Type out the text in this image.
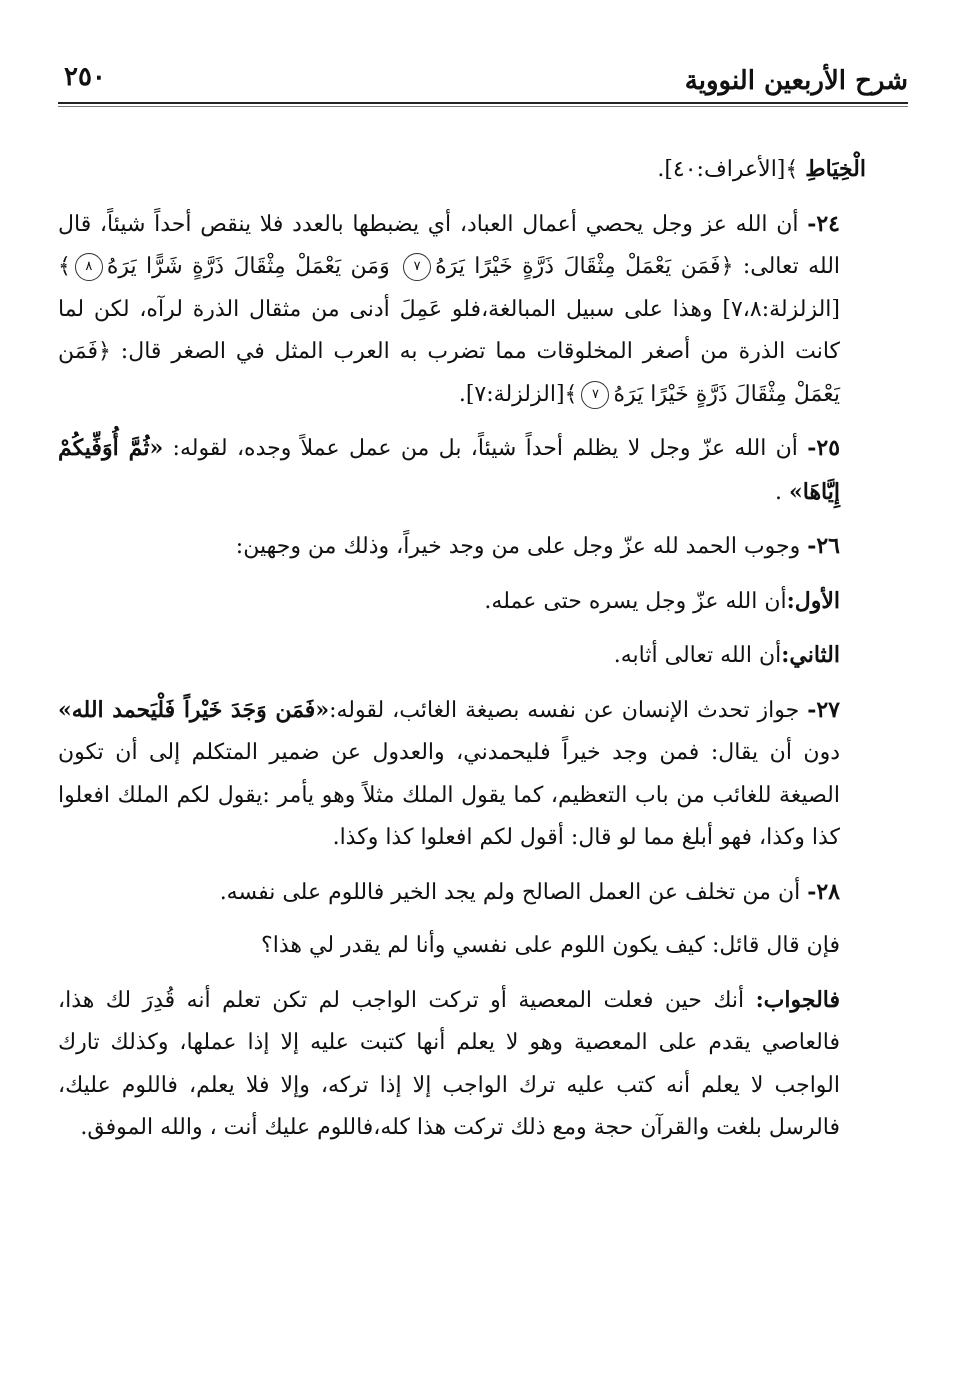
٢٥٠	شرح الأربعين النووية

الْخِيَاطِ ﴾[الأعراف:٤٠].

٢٤- أن الله عز وجل يحصي أعمال العباد، أي يضبطها بالعدد فلا ينقص أحداً شيئاً، قال الله تعالى: ﴿فَمَن يَعْمَلْ مِثْقَالَ ذَرَّةٍ خَيْرًا يَرَهُ٧ وَمَن يَعْمَلْ مِثْقَالَ ذَرَّةٍ شَرًّا يَرَهُ٨﴾[الزلزلة:٧،٨] وهذا على سبيل المبالغة،فلو عَمِلَ أدنى من مثقال الذرة لرآه، لكن لما كانت الذرة من أصغر المخلوقات مما تضرب به العرب المثل في الصغر قال: ﴿فَمَن يَعْمَلْ مِثْقَالَ ذَرَّةٍ خَيْرًا يَرَهُ٧﴾[الزلزلة:٧].

٢٥- أن الله عزّ وجل لا يظلم أحداً شيئاً، بل من عمل عملاً وجده، لقوله: «ثُمَّ أُوَفِّيكُمْ إِيَّاهَا» .

٢٦- وجوب الحمد لله عزّ وجل على من وجد خيراً، وذلك من وجهين:

الأول:أن الله عزّ وجل يسره حتى عمله.

الثاني:أن الله تعالى أثابه.

٢٧- جواز تحدث الإنسان عن نفسه بصيغة الغائب، لقوله:«فَمَن وَجَدَ خَيْراً فَلْيَحمد الله» دون أن يقال: فمن وجد خيراً فليحمدني، والعدول عن ضمير المتكلم إلى أن تكون الصيغة للغائب من باب التعظيم، كما يقول الملك مثلاً وهو يأمر :يقول لكم الملك افعلوا كذا وكذا، فهو أبلغ مما لو قال: أقول لكم افعلوا كذا وكذا.

٢٨- أن من تخلف عن العمل الصالح ولم يجد الخير فاللوم على نفسه.

فإن قال قائل: كيف يكون اللوم على نفسي وأنا لم يقدر لي هذا؟

فالجواب: أنك حين فعلت المعصية أو تركت الواجب لم تكن تعلم أنه قُدِرَ لك هذا، فالعاصي يقدم على المعصية وهو لا يعلم أنها كتبت عليه إلا إذا عملها، وكذلك تارك الواجب لا يعلم أنه كتب عليه ترك الواجب إلا إذا تركه، وإلا فلا يعلم، فاللوم عليك، فالرسل بلغت والقرآن حجة ومع ذلك تركت هذا كله،فاللوم عليك أنت ، والله الموفق.
